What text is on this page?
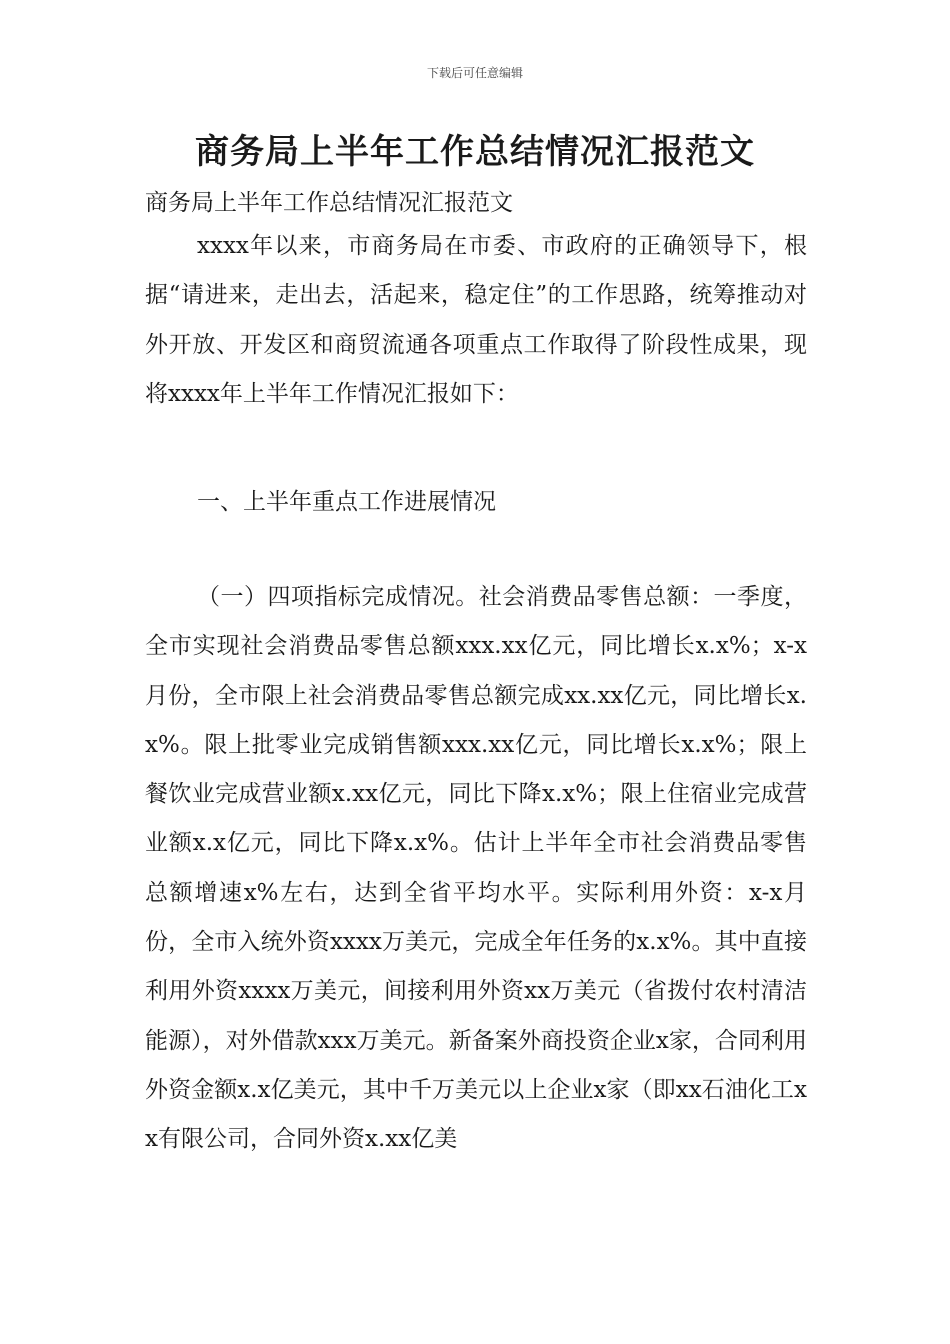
下载后可任意编辑
商务局上半年工作总结情况汇报范文

商务局上半年工作总结情况汇报范文

xxxx年以来，市商务局在市委、市政府的正确领导下，根据“请进来，走出去，活起来，稳定住”的工作思路，统筹推动对外开放、开发区和商贸流通各项重点工作取得了阶段性成果，现将xxxx年上半年工作情况汇报如下：

一、上半年重点工作进展情况

（一）四项指标完成情况。社会消费品零售总额：一季度，全市实现社会消费品零售总额xxx.xx亿元，同比增长x.x%；x-x月份，全市限上社会消费品零售总额完成xx.xx亿元，同比增长x.x%。限上批零业完成销售额xxx.xx亿元，同比增长x.x%；限上餐饮业完成营业额x.xx亿元，同比下降x.x%；限上住宿业完成营业额x.x亿元，同比下降x.x%。估计上半年全市社会消费品零售总额增速x%左右，达到全省平均水平。实际利用外资：x-x月份，全市入统外资xxxx万美元，完成全年任务的x.x%。其中直接利用外资xxxx万美元，间接利用外资xx万美元（省拨付农村清洁能源），对外借款xxx万美元。新备案外商投资企业x家，合同利用外资金额x.x亿美元，其中千万美元以上企业x家（即xx石油化工xx有限公司，合同外资x.xx亿美
